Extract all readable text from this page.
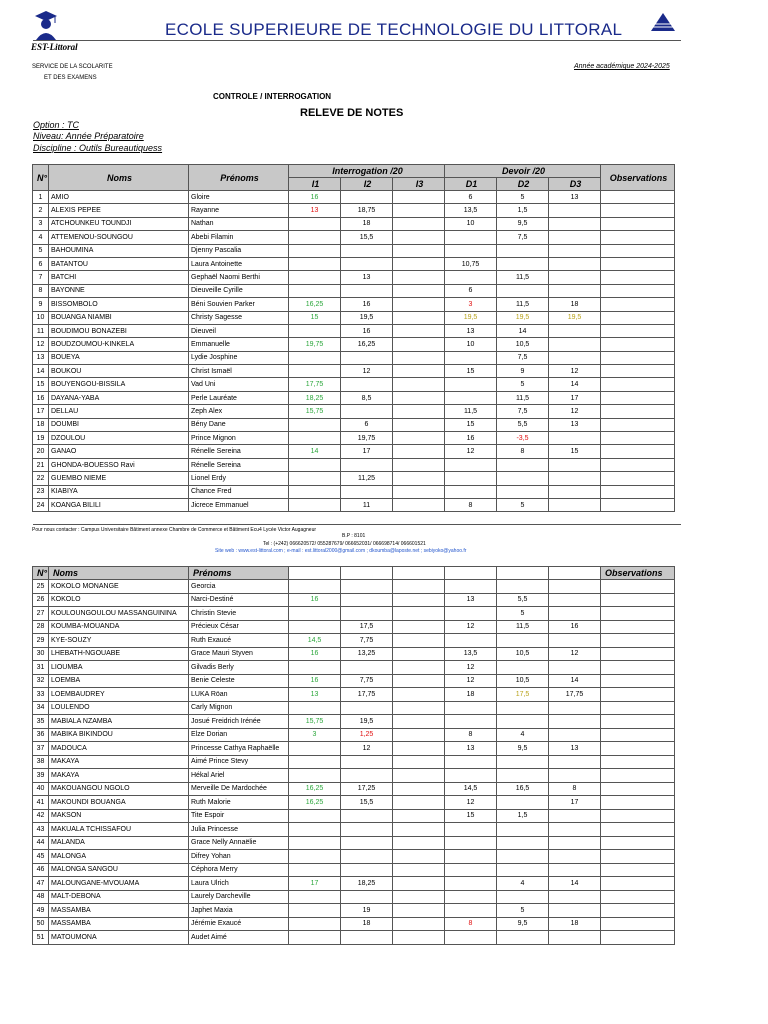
EST-Littoral
ECOLE SUPERIEURE DE TECHNOLOGIE DU LITTORAL
SERVICE DE LA SCOLARITE
ET DES EXAMENS
Année académique 2024-2025
CONTROLE / INTERROGATION
RELEVE DE NOTES
Option : TC
Niveau: Année Préparatoire
Discipline : Outils Bureautiquess
N°	Noms	Prénoms	Interrogation /20			Devoir /20			Observations
			I1	I2	I3	D1	D2	D3	
1	AMIO	Gloire	16			6	5	13	
2	ALEXIS PEPEE	Rayanne	13	18,75		13,5	1,5		
3	ATCHOUNKEU TOUNDJI	Nathan		18		10	9,5		
4	ATTEMENOU-SOUNGOU	Abebi Filamin		15,5			7,5		
5	BAHOUMINA	Djenny Pascalia							
6	BATANTOU	Laura Antoinette				10,75			
7	BATCHI	Gephaël Naomi Berthi		13			11,5		
8	BAYONNE	Dieuveille Cyrille				6			
9	BISSOMBOLO	Béni Souvien Parker	16,25	16		3	11,5	18	
10	BOUANGA NIAMBI	Christy Sagesse	15	19,5		19,5	19,5	19,5	
11	BOUDIMOU BONAZEBI	Dieuveil		16		13	14		
12	BOUDZOUMOU-KINKELA	Emmanuelle	19,75	16,25		10	10,5		
13	BOUEYA	Lydie Josphine					7,5		
14	BOUKOU	Christ Ismaël		12		15	9	12	
15	BOUYENGOU-BISSILA	Vad Uni	17,75				5	14	
16	DAYANA-YABA	Perle Lauréate	18,25	8,5			11,5	17	
17	DELLAU	Zeph Alex	15,75			11,5	7,5	12	
18	DOUMBI	Bény Dane		6		15	5,5	13	
19	DZOULOU	Prince Mignon		19,75		16	-3,5		
20	GANAO	Rénelle Sereina	14	17		12	8	15	
21	GHONDA-BOUESSO Ravi	Rénelle Sereina							
22	GUEMBO NIEME	Lionel Erdy		11,25					
23	KIABIYA	Chance Fred							
24	KOANGA BILILI	Jicrece Emmanuel		11		8	5		
Pour nous contacter : Campus Universitaire Bâtiment annexe Chambre de Commerce et Bâtiment Ecu4 Lycée Victor Augagneur
B.P : 8101
Tel : (+242) 066620572/ 055287679/ 066652031/ 066698714/ 066601521
Site web : www.est-littoral.com ; e-mail : est.littoral2000@gmail.com ; dkoumba@laposte.net ; sebiyoko@yahoo.fr
N°	Noms	Prénoms							Observations
25	KOKOLO MONANGE	Georcia							
26	KOKOLO	Narci-Destiné	16			13	5,5		
27	KOULOUNGOULOU MASSANGUININA	Christin Stevie					5		
28	KOUMBA-MOUANDA	Précieux César		17,5		12	11,5	16	
29	KYE-SOUZY	Ruth Exaucé	14,5	7,75					
30	LHEBATH-NGOUABE	Grace Mauri Styven	16	13,25		13,5	10,5	12	
31	LIOUMBA	Gilvadis Berly				12			
32	LOEMBA	Benie Celeste	16	7,75		12	10,5	14	
33	LOEMBAUDREY	LUKA Röan	13	17,75		18	17,5	17,75	
34	LOULENDO	Carly Mignon							
35	MABIALA NZAMBA	Josué Freidrich Irénée	15,75	19,5					
36	MABIKA BIKINDOU	Elze Dorian	3	1,25		8	4		
37	MADOUCA	Princesse Cathya Raphaëlle		12		13	9,5	13	
38	MAKAYA	Aimé Prince Stevy							
39	MAKAYA	Hékal Ariel							
40	MAKOUANGOU NGOLO	Merveille De Mardochée	16,25	17,25		14,5	16,5	8	
41	MAKOUNDI BOUANGA	Ruth Malorie	16,25	15,5		12		17	
42	MAKSON	Tite Espoir				15	1,5		
43	MAKUALA TCHISSAFOU	Julia Princesse							
44	MALANDA	Grace Nelly Annaëlie							
45	MALONGA	Difrey Yohan							
46	MALONGA SANGOU	Céphora Merry							
47	MALOUNGANE-MVOUAMA	Laura Ulrich	17	18,25			4	14	
48	MALT-DEBONA	Laurely Darcheville							
49	MASSAMBA	Japhet Maxia		19			5		
50	MASSAMBA	Jérémie Exaucé		18		8	9,5	18	
51	MATOUMONA	Audet Aimé							
